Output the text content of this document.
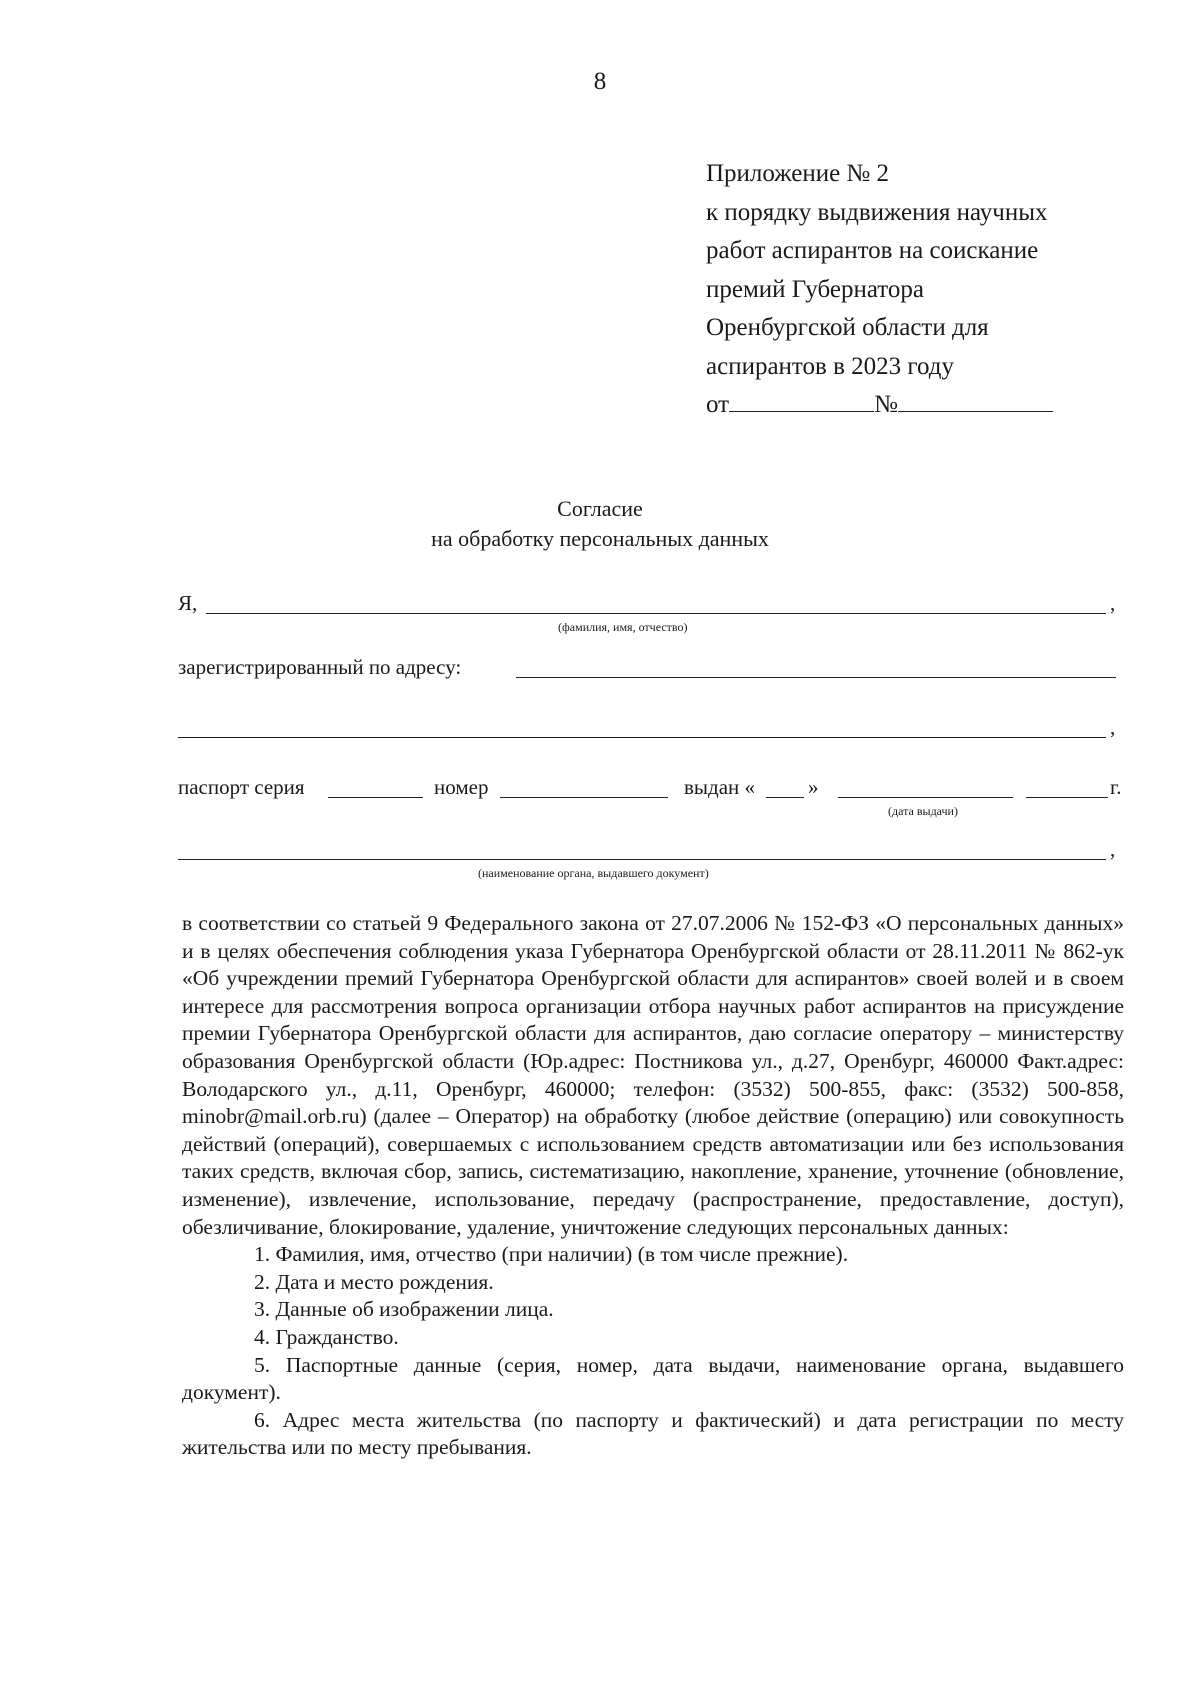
8
Приложение № 2
к порядку выдвижения научных
работ аспирантов на соискание
премий Губернатора
Оренбургской области для
аспирантов в 2023 году
от	№
Согласие
на обработку персональных данных
Я,	,
(фамилия, имя, отчество)
зарегистрированный по адресу:
,
паспорт серия	номер	выдан «	»	г.
(дата выдачи)
,
(наименование органа, выдавшего документ)

в соответствии со статьей 9 Федерального закона от 27.07.2006 № 152-ФЗ «О персональных данных» и в целях обеспечения соблюдения указа Губернатора Оренбургской области от 28.11.2011 № 862-ук «Об учреждении премий Губернатора Оренбургской области для аспирантов» своей волей и в своем интересе для рассмотрения вопроса организации отбора научных работ аспирантов на присуждение премии Губернатора Оренбургской области для аспирантов, даю согласие оператору – министерству образования Оренбургской области (Юр.адрес: Постникова ул., д.27, Оренбург, 460000 Факт.адрес: Володарского ул., д.11, Оренбург, 460000; телефон: (3532) 500-855, факс: (3532) 500-858, minobr@mail.orb.ru) (далее – Оператор) на обработку (любое действие (операцию) или совокупность действий (операций), совершаемых с использованием средств автоматизации или без использования таких средств, включая сбор, запись, систематизацию, накопление, хранение, уточнение (обновление, изменение), извлечение, использование, передачу (распространение, предоставление, доступ), обезличивание, блокирование, удаление, уничтожение следующих персональных данных:

1. Фамилия, имя, отчество (при наличии) (в том числе прежние).

2. Дата и место рождения.

3. Данные об изображении лица.

4. Гражданство.

5. Паспортные данные (серия, номер, дата выдачи, наименование органа, выдавшего документ).

6. Адрес места жительства (по паспорту и фактический) и дата регистрации по месту жительства или по месту пребывания.
